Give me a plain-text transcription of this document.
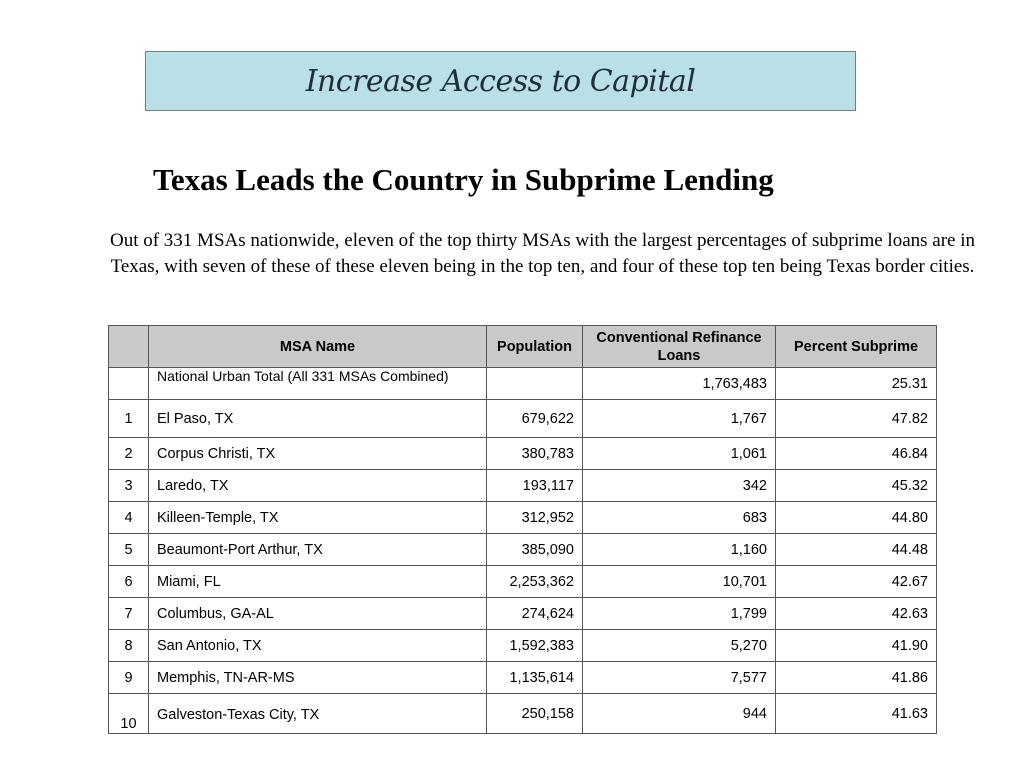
Increase Access to Capital
Texas Leads the Country in Subprime Lending
Out of 331 MSAs nationwide, eleven of the top thirty MSAs with the largest percentages of subprime loans are in Texas, with seven of these of these eleven being in the top ten, and four of these top ten being Texas border cities.
	MSA Name	Population	Conventional Refinance Loans	Percent Subprime
	National Urban Total (All 331 MSAs Combined)		1,763,483	25.31
1	El Paso, TX	679,622	1,767	47.82
2	Corpus Christi, TX	380,783	1,061	46.84
3	Laredo, TX	193,117	342	45.32
4	Killeen-Temple, TX	312,952	683	44.80
5	Beaumont-Port Arthur, TX	385,090	1,160	44.48
6	Miami, FL	2,253,362	10,701	42.67
7	Columbus, GA-AL	274,624	1,799	42.63
8	San Antonio, TX	1,592,383	5,270	41.90
9	Memphis, TN-AR-MS	1,135,614	7,577	41.86
10	Galveston-Texas City, TX	250,158	944	41.63
